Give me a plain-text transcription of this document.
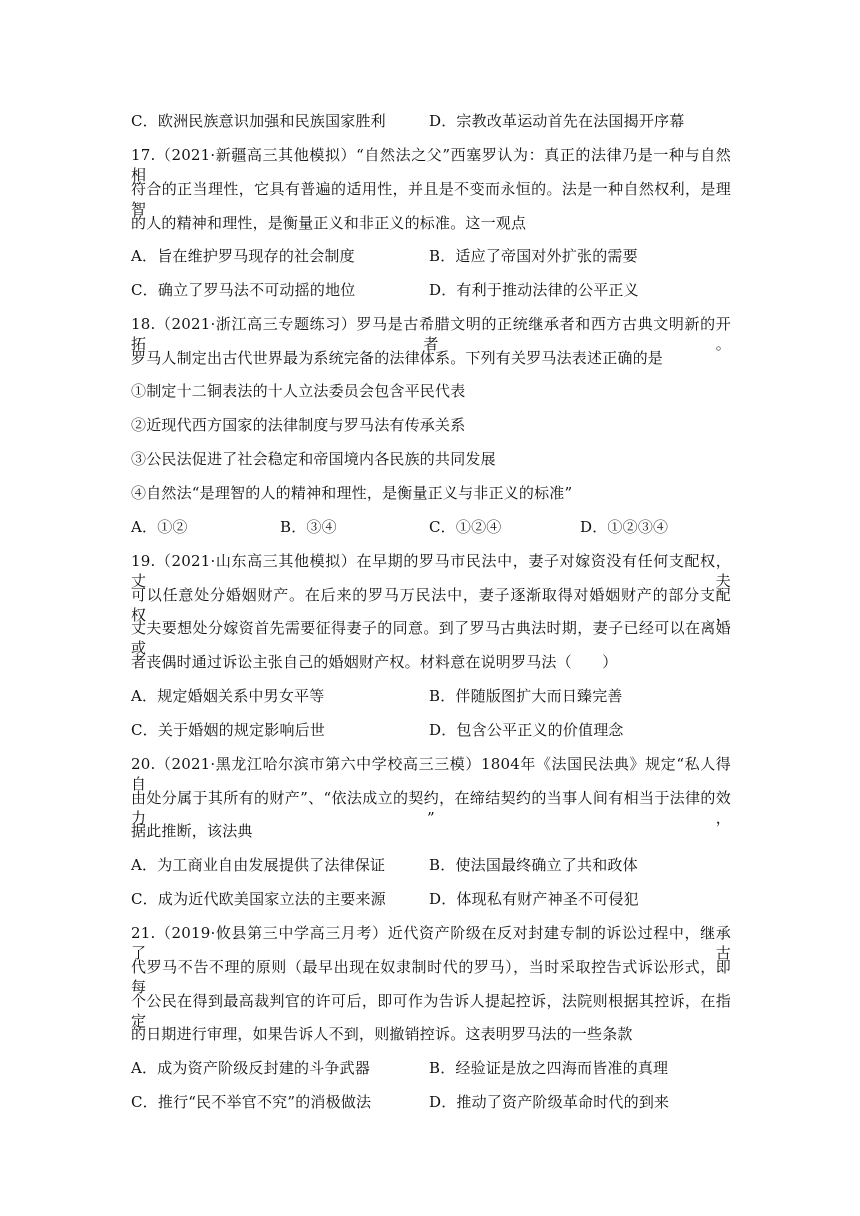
C．欧洲民族意识加强和民族国家胜利	D．宗教改革运动首先在法国揭开序幕
17.（2021·新疆高三其他模拟）“自然法之父”西塞罗认为：真正的法律乃是一种与自然相
符合的正当理性，它具有普遍的适用性，并且是不变而永恒的。法是一种自然权利，是理智
的人的精神和理性，是衡量正义和非正义的标准。这一观点
A．旨在维护罗马现存的社会制度	B．适应了帝国对外扩张的需要
C．确立了罗马法不可动摇的地位	D．有利于推动法律的公平正义
18.（2021·浙江高三专题练习）罗马是古希腊文明的正统继承者和西方古典文明新的开拓者。
罗马人制定出古代世界最为系统完备的法律体系。下列有关罗马法表述正确的是
①制定十二铜表法的十人立法委员会包含平民代表
②近现代西方国家的法律制度与罗马法有传承关系
③公民法促进了社会稳定和帝国境内各民族的共同发展
④自然法“是理智的人的精神和理性，是衡量正义与非正义的标准”
A．①②	B．③④	C．①②④	D．①②③④
19.（2021·山东高三其他模拟）在早期的罗马市民法中，妻子对嫁资没有任何支配权，丈夫
可以任意处分婚姻财产。在后来的罗马万民法中，妻子逐渐取得对婚姻财产的部分支配权，
丈夫要想处分嫁资首先需要征得妻子的同意。到了罗马古典法时期，妻子已经可以在离婚或
者丧偶时通过诉讼主张自己的婚姻财产权。材料意在说明罗马法（　　）
A．规定婚姻关系中男女平等	B．伴随版图扩大而日臻完善
C．关于婚姻的规定影响后世	D．包含公平正义的价值理念
20.（2021·黑龙江哈尔滨市第六中学校高三三模）1804年《法国民法典》规定“私人得自
由处分属于其所有的财产”、“依法成立的契约，在缔结契约的当事人间有相当于法律的效力”，
据此推断，该法典
A．为工商业自由发展提供了法律保证	B．使法国最终确立了共和政体
C．成为近代欧美国家立法的主要来源	D．体现私有财产神圣不可侵犯
21.（2019·攸县第三中学高三月考）近代资产阶级在反对封建专制的诉讼过程中，继承了古
代罗马不告不理的原则（最早出现在奴隶制时代的罗马），当时采取控告式诉讼形式，即每
个公民在得到最高裁判官的许可后，即可作为告诉人提起控诉，法院则根据其控诉，在指定
的日期进行审理，如果告诉人不到，则撤销控诉。这表明罗马法的一些条款
A．成为资产阶级反封建的斗争武器	B．经验证是放之四海而皆准的真理
C．推行“民不举官不究”的消极做法	D．推动了资产阶级革命时代的到来
